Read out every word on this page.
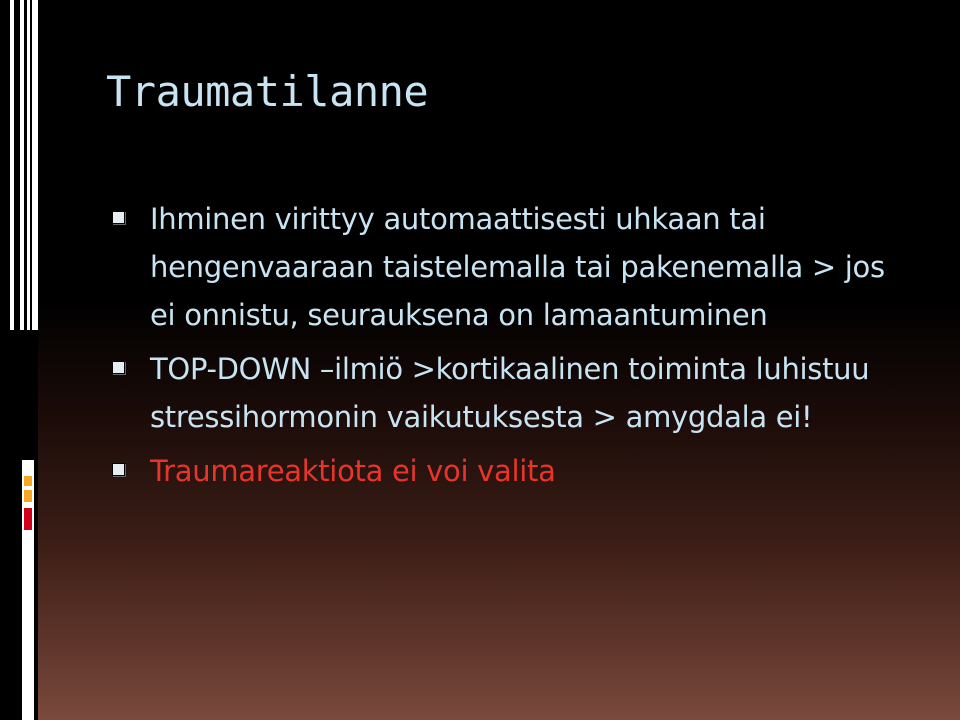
Traumatilanne
Ihminen virittyy automaattisesti uhkaan tai hengenvaaraan taistelemalla tai pakenemalla > jos ei onnistu, seurauksena on lamaantuminen
TOP-DOWN –ilmiö >kortikaalinen toiminta luhistuu stressihormonin vaikutuksesta > amygdala ei!
Traumareaktiota ei voi valita
